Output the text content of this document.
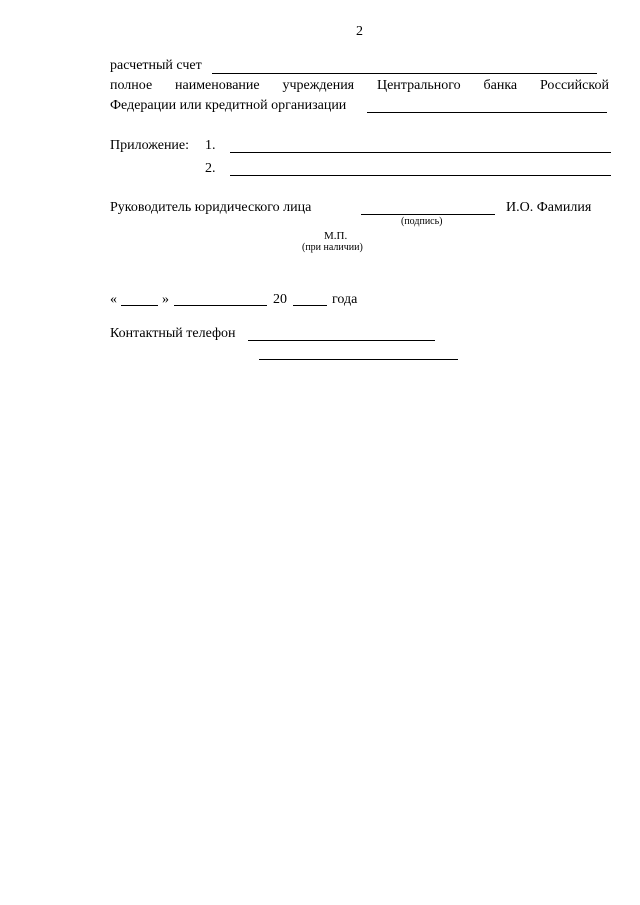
2
расчетный счет
полное наименование учреждения Центрального банка Российской
Федерации или кредитной организации
Приложение: 1.
2.
Руководитель юридического лица	И.О. Фамилия
(подпись)
М.П.
(при наличии)
«	»	20	года
Контактный телефон
